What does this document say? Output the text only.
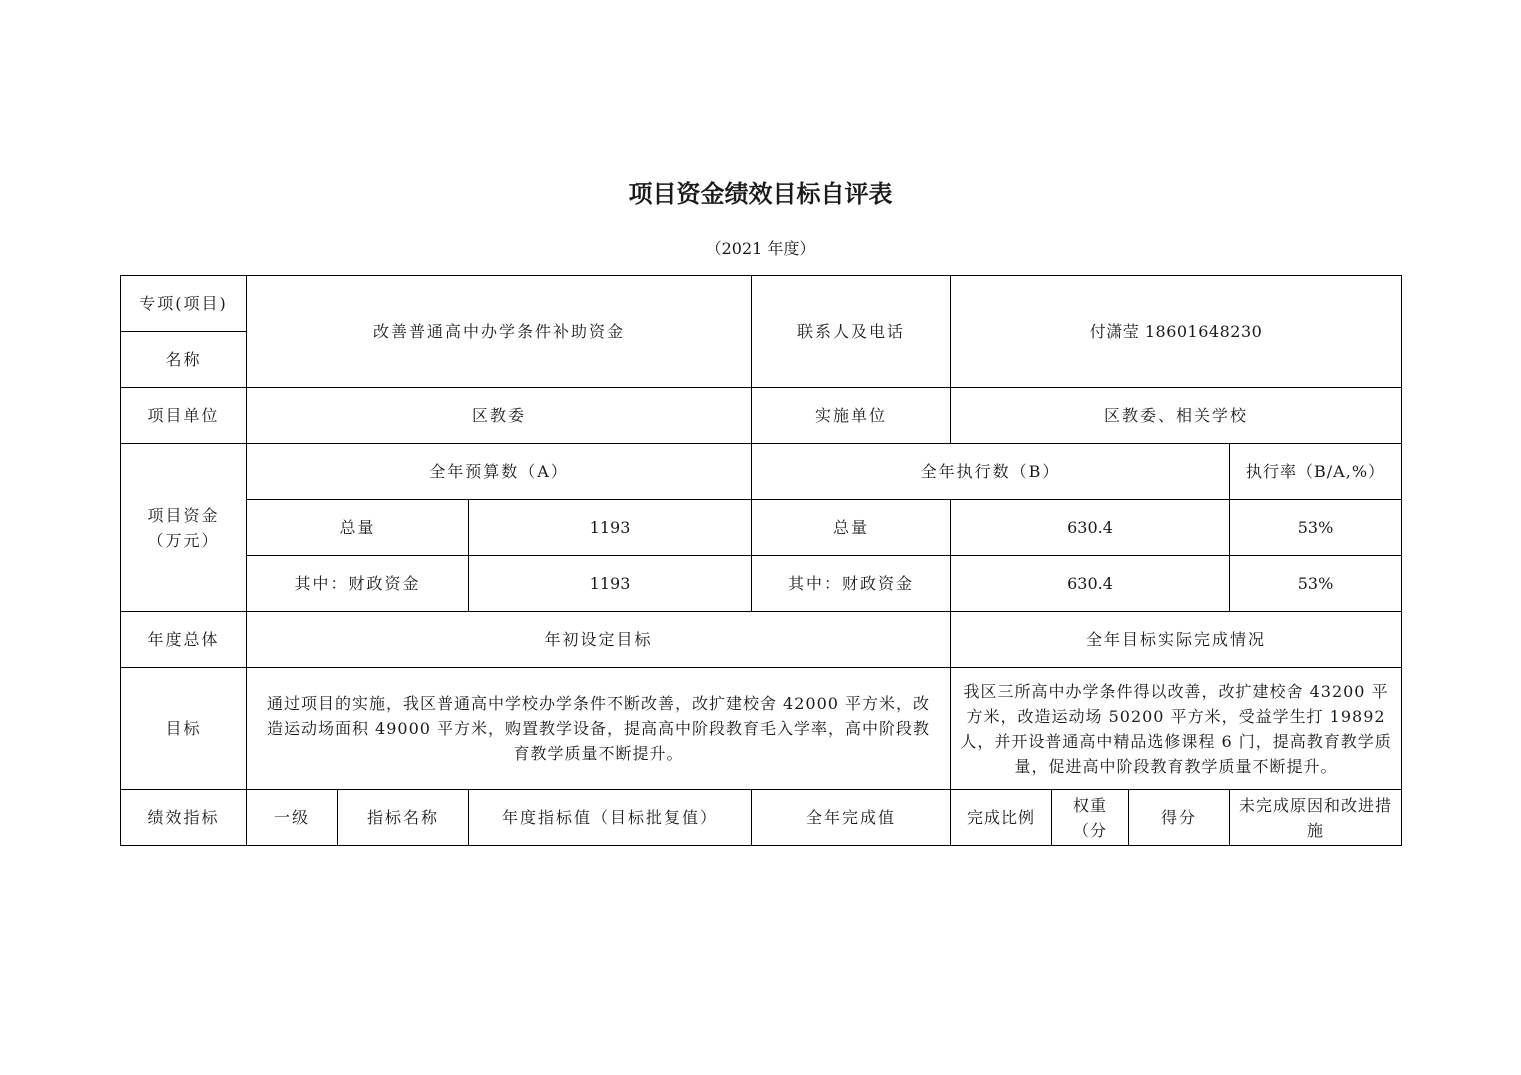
项目资金绩效目标自评表
（2021 年度）
专项(项目)	改善普通高中办学条件补助资金			联系人及电话	付潇莹 18601648230			
名称								
项目单位	区教委			实施单位	区教委、相关学校			
项目资金（万元）	全年预算数（A）			全年执行数（B）				执行率（B/A,%）
	总量		1193	总量	630.4			53%
	其中：财政资金		1193	其中：财政资金	630.4			53%
年度总体	年初设定目标				全年目标实际完成情况			
目标	通过项目的实施，我区普通高中学校办学条件不断改善，改扩建校舍 42000 平方米，改造运动场面积 49000 平方米，购置教学设备，提高高中阶段教育毛入学率，高中阶段教育教学质量不断提升。				我区三所高中办学条件得以改善，改扩建校舍 43200 平方米，改造运动场 50200 平方米，受益学生打 19892 人，并开设普通高中精品选修课程 6 门，提高教育教学质量，促进高中阶段教育教学质量不断提升。			
绩效指标	一级	指标名称	年度指标值（目标批复值）	全年完成值	完成比例	权重（分	得分	未完成原因和改进措施
